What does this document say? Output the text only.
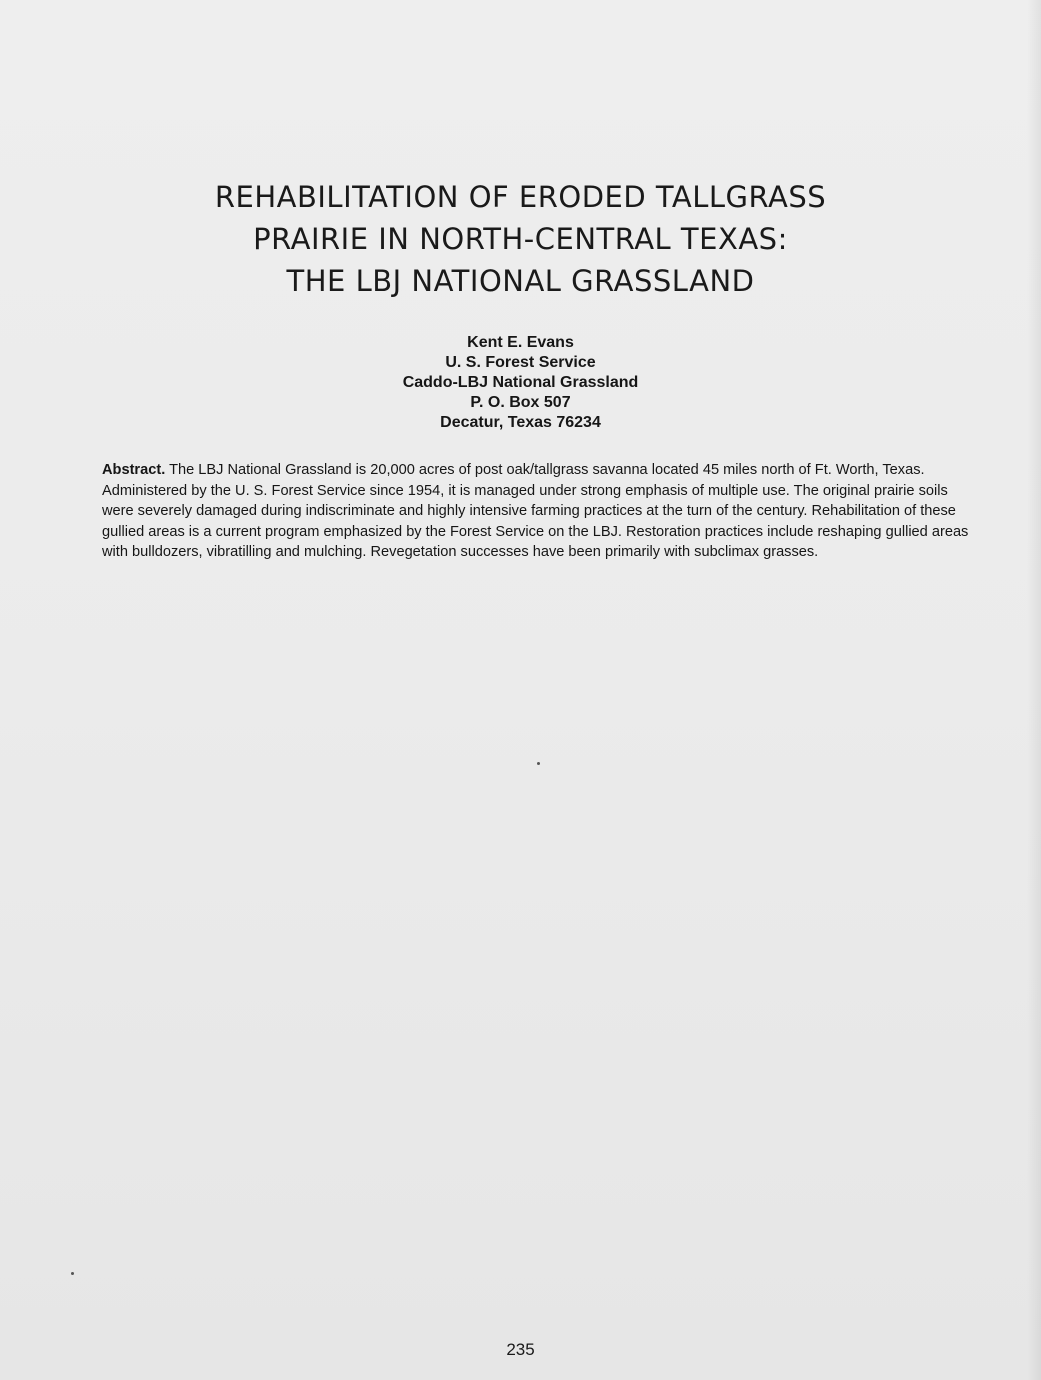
REHABILITATION OF ERODED TALLGRASS
PRAIRIE IN NORTH-CENTRAL TEXAS:
THE LBJ NATIONAL GRASSLAND
Kent E. Evans
U. S. Forest Service
Caddo-LBJ National Grassland
P. O. Box 507
Decatur, Texas 76234

Abstract. The LBJ National Grassland is 20,000 acres of post oak/tallgrass savanna located 45 miles north of Ft. Worth, Texas. Administered by the U. S. Forest Service since 1954, it is managed under strong emphasis of multiple use. The original prairie soils were severely damaged during indiscriminate and highly intensive farming practices at the turn of the century. Rehabilitation of these gullied areas is a current program emphasized by the Forest Service on the LBJ. Restoration practices include reshaping gullied areas with bulldozers, vibratilling and mulching. Revegetation successes have been primarily with subclimax grasses.

235
